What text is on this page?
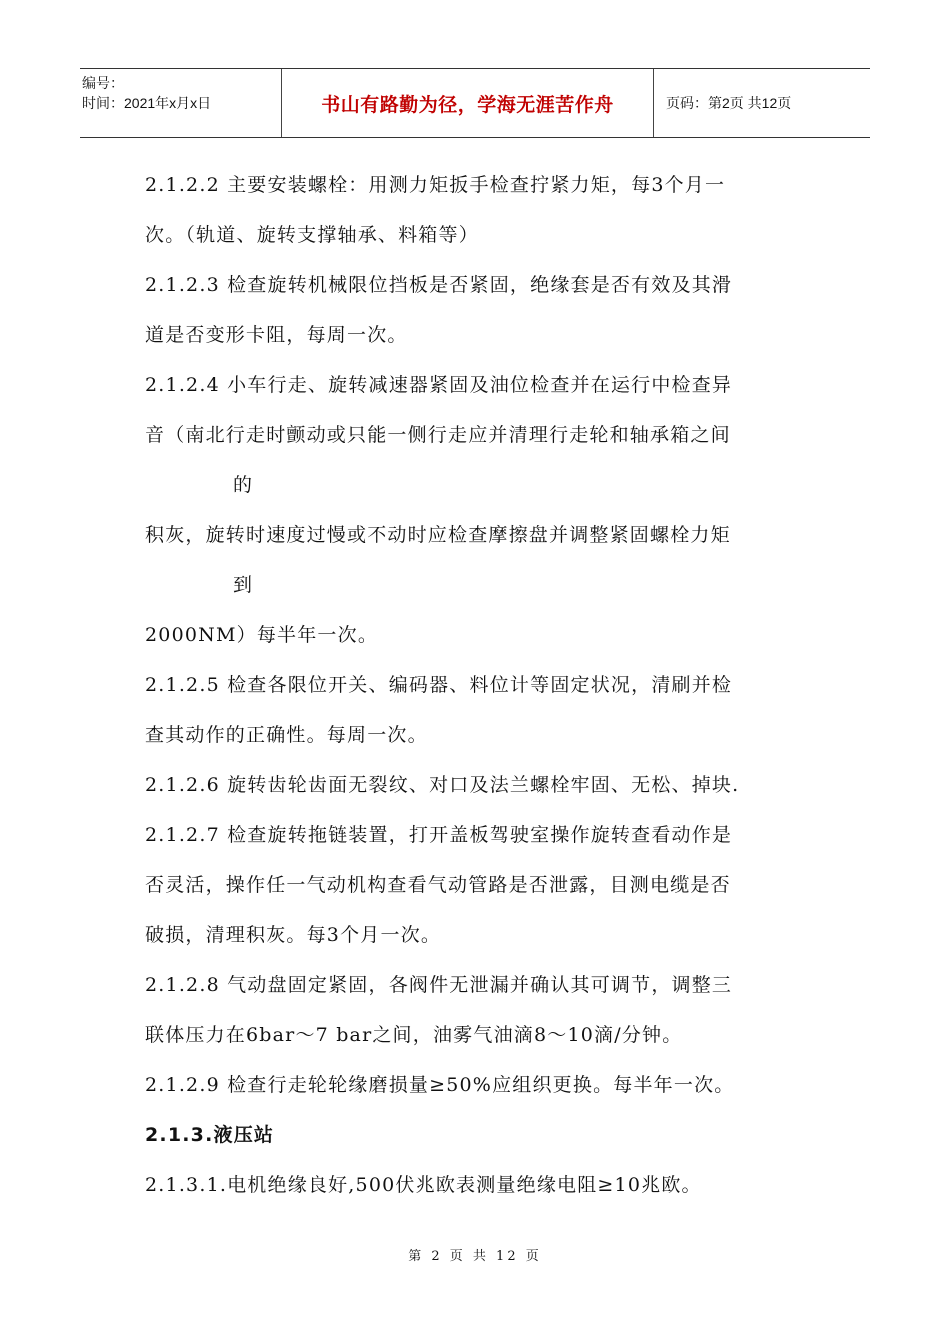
编号：
时间：2021年x月x日	书山有路勤为径，学海无涯苦作舟	页码：第2页 共12页
2.1.2.2 主要安装螺栓：用测力矩扳手检查拧紧力矩，每3个月一
次。（轨道、旋转支撑轴承、料箱等）
2.1.2.3 检查旋转机械限位挡板是否紧固，绝缘套是否有效及其滑
道是否变形卡阻，每周一次。
2.1.2.4 小车行走、旋转减速器紧固及油位检查并在运行中检查异
音（南北行走时颤动或只能一侧行走应并清理行走轮和轴承箱之间
的
积灰，旋转时速度过慢或不动时应检查摩擦盘并调整紧固螺栓力矩
到
2000NM）每半年一次。
2.1.2.5 检查各限位开关、编码器、料位计等固定状况，清刷并检
查其动作的正确性。每周一次。
2.1.2.6 旋转齿轮齿面无裂纹、对口及法兰螺栓牢固、无松、掉块.
2.1.2.7 检查旋转拖链装置，打开盖板驾驶室操作旋转查看动作是
否灵活，操作任一气动机构查看气动管路是否泄露，目测电缆是否
破损，清理积灰。每3个月一次。
2.1.2.8 气动盘固定紧固，各阀件无泄漏并确认其可调节，调整三
联体压力在6bar～7 bar之间，油雾气油滴8～10滴/分钟。
2.1.2.9 检查行走轮轮缘磨损量≥50%应组织更换。每半年一次。
2.1.3.液压站
2.1.3.1.电机绝缘良好,500伏兆欧表测量绝缘电阻≥10兆欧。
第 2 页 共 12 页
